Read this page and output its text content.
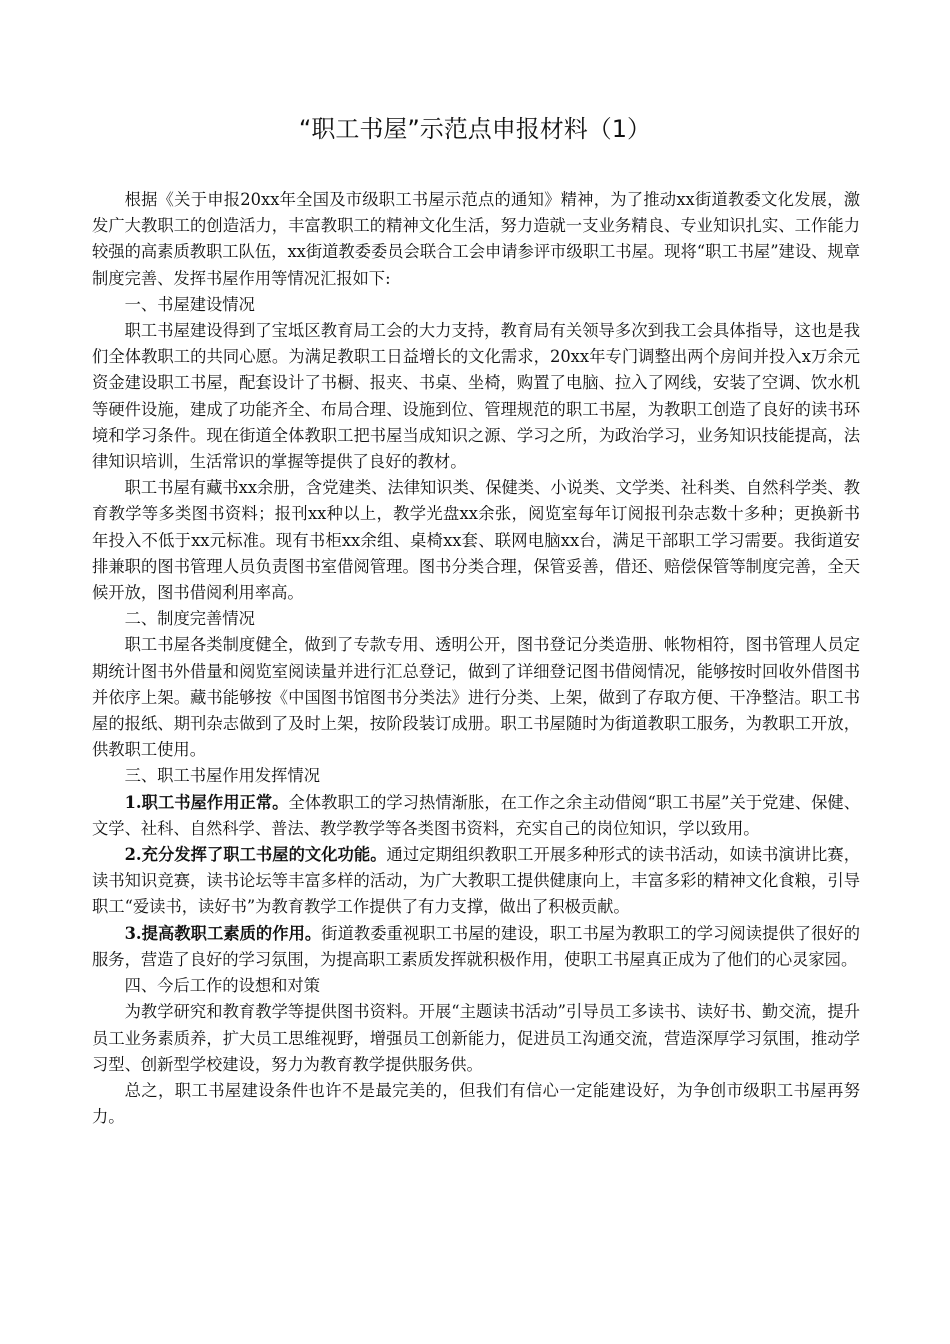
“职工书屋”示范点申报材料（1）

根据《关于申报20xx年全国及市级职工书屋示范点的通知》精神，为了推动xx街道教委文化发展，激发广大教职工的创造活力，丰富教职工的精神文化生活，努力造就一支业务精良、专业知识扎实、工作能力较强的高素质教职工队伍，xx街道教委委员会联合工会申请参评市级职工书屋。现将“职工书屋”建设、规章制度完善、发挥书屋作用等情况汇报如下:

一、书屋建设情况

职工书屋建设得到了宝坻区教育局工会的大力支持，教育局有关领导多次到我工会具体指导，这也是我们全体教职工的共同心愿。为满足教职工日益增长的文化需求，20xx年专门调整出两个房间并投入x万余元资金建设职工书屋，配套设计了书橱、报夹、书桌、坐椅，购置了电脑、拉入了网线，安装了空调、饮水机等硬件设施，建成了功能齐全、布局合理、设施到位、管理规范的职工书屋，为教职工创造了良好的读书环境和学习条件。现在街道全体教职工把书屋当成知识之源、学习之所，为政治学习，业务知识技能提高，法律知识培训，生活常识的掌握等提供了良好的教材。

职工书屋有藏书xx余册，含党建类、法律知识类、保健类、小说类、文学类、社科类、自然科学类、教育教学等多类图书资料；报刊xx种以上，教学光盘xx余张，阅览室每年订阅报刊杂志数十多种；更换新书年投入不低于xx元标准。现有书柜xx余组、桌椅xx套、联网电脑xx台，满足干部职工学习需要。我街道安排兼职的图书管理人员负责图书室借阅管理。图书分类合理，保管妥善，借还、赔偿保管等制度完善，全天候开放，图书借阅利用率高。

二、制度完善情况

职工书屋各类制度健全，做到了专款专用、透明公开，图书登记分类造册、帐物相符，图书管理人员定期统计图书外借量和阅览室阅读量并进行汇总登记，做到了详细登记图书借阅情况，能够按时回收外借图书并依序上架。藏书能够按《中国图书馆图书分类法》进行分类、上架，做到了存取方便、干净整洁。职工书屋的报纸、期刊杂志做到了及时上架，按阶段装订成册。职工书屋随时为街道教职工服务，为教职工开放，供教职工使用。

三、职工书屋作用发挥情况

1.职工书屋作用正常。全体教职工的学习热情渐胀，在工作之余主动借阅“职工书屋”关于党建、保健、文学、社科、自然科学、普法、教学教学等各类图书资料，充实自己的岗位知识，学以致用。

2.充分发挥了职工书屋的文化功能。通过定期组织教职工开展多种形式的读书活动，如读书演讲比赛，读书知识竞赛，读书论坛等丰富多样的活动，为广大教职工提供健康向上，丰富多彩的精神文化食粮，引导职工“爱读书，读好书”为教育教学工作提供了有力支撑，做出了积极贡献。

3.提高教职工素质的作用。街道教委重视职工书屋的建设，职工书屋为教职工的学习阅读提供了很好的服务，营造了良好的学习氛围，为提高职工素质发挥就积极作用，使职工书屋真正成为了他们的心灵家园。

四、今后工作的设想和对策

为教学研究和教育教学等提供图书资料。开展“主题读书活动”引导员工多读书、读好书、勤交流，提升员工业务素质养，扩大员工思维视野，增强员工创新能力，促进员工沟通交流，营造深厚学习氛围，推动学习型、创新型学校建设，努力为教育教学提供服务供。

总之，职工书屋建设条件也许不是最完美的，但我们有信心一定能建设好，为争创市级职工书屋再努力。
